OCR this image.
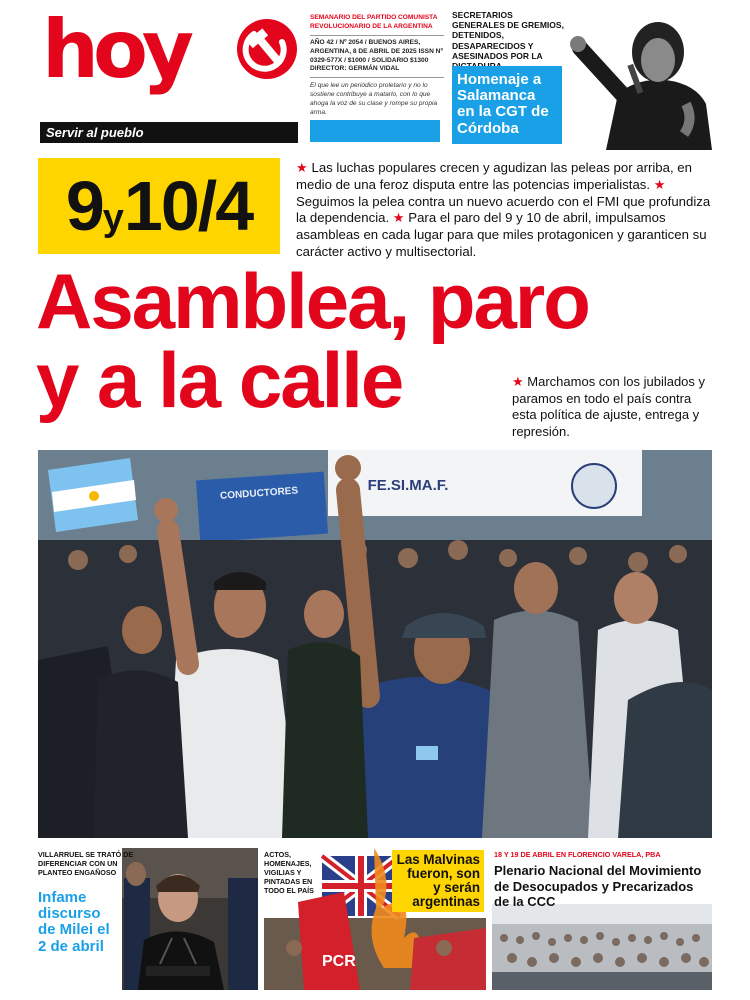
hoy
Servir al pueblo
SEMANARIO DEL PARTIDO COMUNISTA REVOLUCIONARIO DE LA ARGENTINA
AÑO 42 / Nº 2054 / BUENOS AIRES, ARGENTINA, 8 DE ABRIL DE 2025 ISSN Nº 0329-577X / $1000 / SOLIDARIO $1300 DIRECTOR: GERMÁN VIDAL
El que lee un periódico proletario y no lo sostiene contribuye a matarlo, con lo que ahoga la voz de su clase y rompe su propia arma.
SECRETARIOS GENERALES DE GREMIOS, DETENIDOS, DESAPARECIDOS Y ASESINADOS POR LA
Homenaje a Salamanca en la CGT de Córdoba
9y10/4	★ Las luchas populares crecen y agudizan las peleas por arriba, en medio de una feroz disputa entre las potencias imperialistas. ★ Seguimos la pelea contra un nuevo acuerdo con el FMI que profundiza la dependencia. ★ Para el paro del 9 y 10 de abril, impulsamos asambleas en cada lugar para que miles protagonicen y garanticen su carácter activo y multisectorial.
Asamblea, paro
y a la calle	★ Marchamos con los jubilados y paramos en todo el país contra esta política de ajuste, entrega y represión.
CONDUCTORES	FE.SI.MA.F.
VILLARRUEL SE TRATÓ DE DIFERENCIAR CON UN PLANTEO ENGAÑOSO
Infame discurso de Milei el 2 de abril
PCR
ACTOS, HOMENAJES, VIGILIAS Y PINTADAS EN TODO EL PAÍS
Las Malvinas fueron, son y serán argentinas
18 Y 19 DE ABRIL EN FLORENCIO VARELA, PBA
Plenario Nacional del Movimiento de Desocupados y Precarizados de la CCC
